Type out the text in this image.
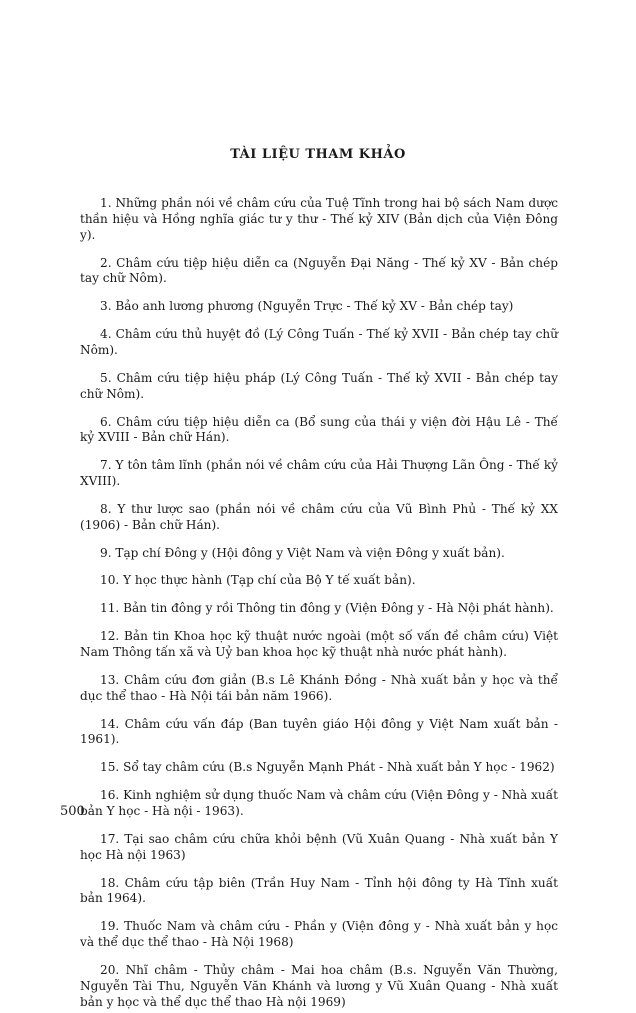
TÀI LIỆU THAM KHẢO

1. Những phần nói về châm cứu của Tuệ Tĩnh trong hai bộ sách Nam dược thần hiệu và Hồng nghĩa giác tư y thư - Thế kỷ XIV (Bản dịch của Viện Đông y).

2. Châm cứu tiệp hiệu diễn ca (Nguyễn Đại Năng - Thế kỷ XV - Bản chép tay chữ Nôm).

3. Bảo anh lương phương (Nguyễn Trực - Thế kỷ XV - Bản chép tay)

4. Châm cứu thủ huyệt đồ (Lý Công Tuấn - Thế kỷ XVII - Bản chép tay chữ Nôm).

5. Châm cứu tiệp hiệu pháp (Lý Công Tuấn - Thế kỷ XVII - Bản chép tay chữ Nôm).

6. Châm cứu tiệp hiệu diễn ca (Bổ sung của thái y viện đời Hậu Lê - Thế kỷ XVIII - Bản chữ Hán).

7. Y tôn tâm lĩnh (phần nói về châm cứu của Hải Thượng Lãn Ông - Thế kỷ XVIII).

8. Y thư lược sao (phần nói về châm cứu của Vũ Bình Phủ - Thế kỷ XX (1906) - Bản chữ Hán).

9. Tạp chí Đông y (Hội đông y Việt Nam và viện Đông y xuất bản).

10. Y học thực hành (Tạp chí của Bộ Y tế xuất bản).

11. Bản tin đông y rồi Thông tin đông y (Viện Đông y - Hà Nội phát hành).

12. Bản tin Khoa học kỹ thuật nước ngoài (một số vấn đề châm cứu) Việt Nam Thông tấn xã và Uỷ ban khoa học kỹ thuật nhà nước phát hành).

13. Châm cứu đơn giản (B.s Lê Khánh Đồng - Nhà xuất bản y học và thể dục thể thao - Hà Nội tái bản năm 1966).

14. Châm cứu vấn đáp (Ban tuyên giáo Hội đông y Việt Nam xuất bản - 1961).

15. Sổ tay châm cứu (B.s Nguyễn Mạnh Phát - Nhà xuất bản Y học - 1962)

16. Kinh nghiệm sử dụng thuốc Nam và châm cứu (Viện Đông y - Nhà xuất bản Y học - Hà nội - 1963).

17. Tại sao châm cứu chữa khỏi bệnh (Vũ Xuân Quang - Nhà xuất bản Y học Hà nội 1963)

18. Châm cứu tập biên (Trần Huy Nam - Tỉnh hội đông ty Hà Tĩnh xuất bản 1964).

19. Thuốc Nam và châm cứu - Phần y (Viện đông y - Nhà xuất bản y học và thể dục thể thao - Hà Nội 1968)

20. Nhĩ châm - Thủy châm - Mai hoa châm (B.s. Nguyễn Văn Thường, Nguyễn Tài Thu, Nguyễn Văn Khánh và lương y Vũ Xuân Quang - Nhà xuất bản y học và thể dục thể thao Hà nội 1969)

500
